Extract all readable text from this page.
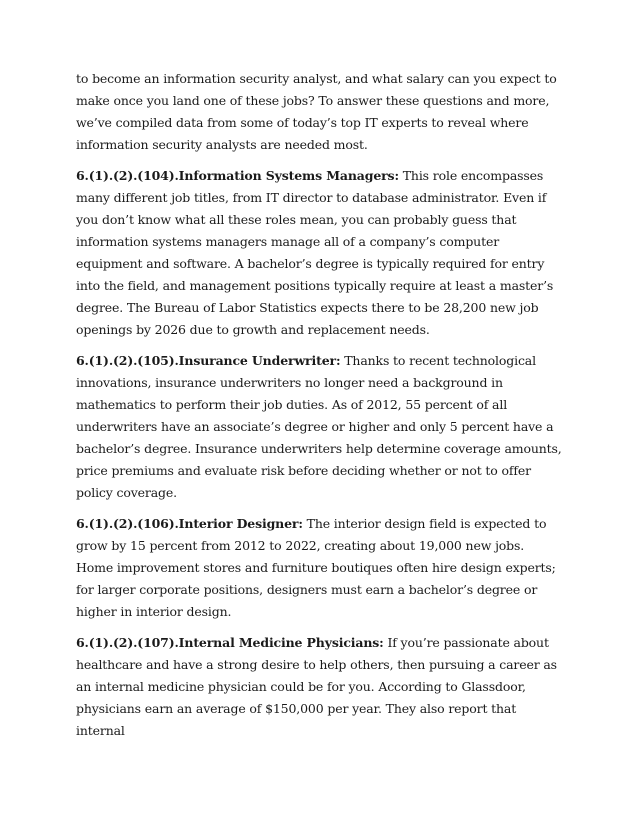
to become an information security analyst, and what salary can you expect to make once you land one of these jobs? To answer these questions and more, we’ve compiled data from some of today’s top IT experts to reveal where information security analysts are needed most.

6.(1).(2).(104).Information Systems Managers: This role encompasses many different job titles, from IT director to database administrator. Even if you don’t know what all these roles mean, you can probably guess that information systems managers manage all of a company’s computer equipment and software. A bachelor’s degree is typically required for entry into the field, and management positions typically require at least a master’s degree. The Bureau of Labor Statistics expects there to be 28,200 new job openings by 2026 due to growth and replacement needs.

6.(1).(2).(105).Insurance Underwriter: Thanks to recent technological innovations, insurance underwriters no longer need a background in mathematics to perform their job duties. As of 2012, 55 percent of all underwriters have an associate’s degree or higher and only 5 percent have a bachelor’s degree. Insurance underwriters help determine coverage amounts, price premiums and evaluate risk before deciding whether or not to offer policy coverage.

6.(1).(2).(106).Interior Designer: The interior design field is expected to grow by 15 percent from 2012 to 2022, creating about 19,000 new jobs. Home improvement stores and furniture boutiques often hire design experts; for larger corporate positions, designers must earn a bachelor’s degree or higher in interior design.

6.(1).(2).(107).Internal Medicine Physicians: If you’re passionate about healthcare and have a strong desire to help others, then pursuing a career as an internal medicine physician could be for you. According to Glassdoor, physicians earn an average of $150,000 per year. They also report that internal
